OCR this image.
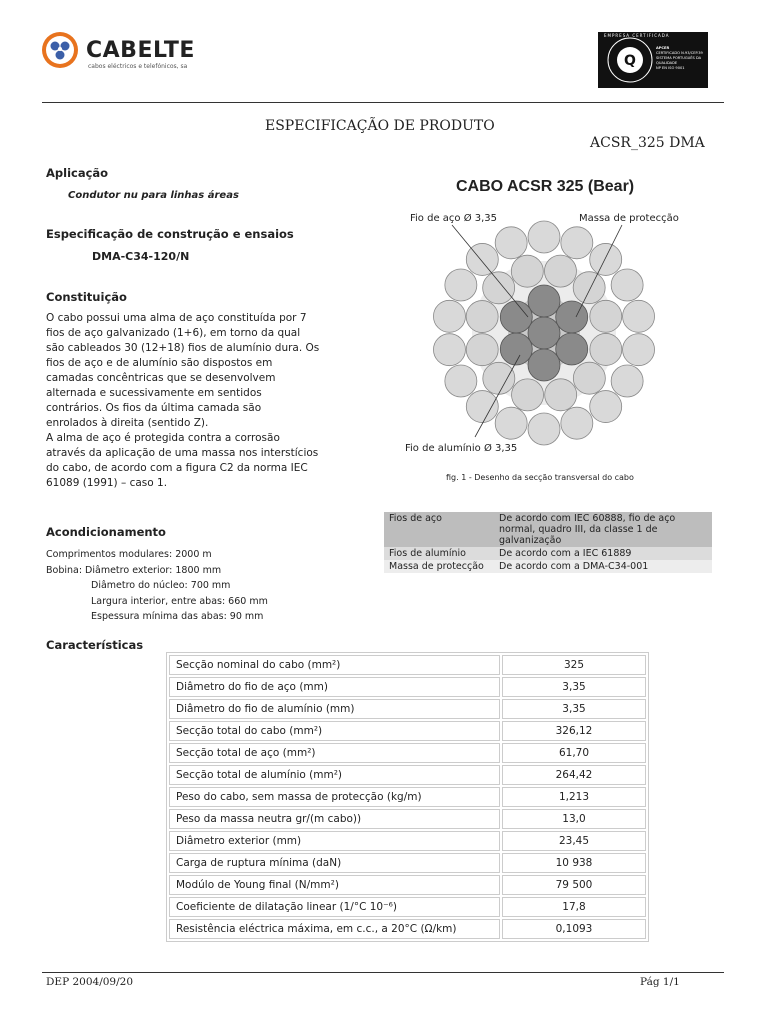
CABELTE
cabos eléctricos e telefónicos, sa	Q
APCER
CERTIFICADO N.93/CEP.39
SISTEMA PORTUGUÊS DA QUALIDADE
NP EN ISO 9001
EMPRESA CERTIFICADA
ESPECIFICAÇÃO DE PRODUTO
ACSR_325 DMA
Aplicação
Condutor nu para linhas áreas
Especificação de construção e ensaios
DMA-C34-120/N
Constituição
O cabo possui uma alma de aço constituída por 7
fios de aço galvanizado (1+6), em torno da qual
são cableados 30 (12+18) fios de alumínio dura. Os
fios de aço e de alumínio são dispostos em
camadas concêntricas que se desenvolvem
alternada e sucessivamente em sentidos
contrários. Os fios da última camada são
enrolados à direita (sentido Z).
A alma de aço é protegida contra a corrosão
através da aplicação de uma massa nos interstícios
do cabo, de acordo com a figura C2 da norma IEC
61089 (1991) – caso 1.
Acondicionamento
Comprimentos modulares: 2000 m
Bobina: Diâmetro exterior: 1800 mm
Diâmetro do núcleo: 700 mm
Largura interior, entre abas: 660 mm
Espessura mínima das abas: 90 mm
CABO ACSR 325 (Bear)
Fio de aço Ø 3,35	Massa de protecção
Fio de alumínio Ø 3,35
fig. 1 - Desenho da secção transversal do cabo
Fios de aço	De acordo com IEC 60888, fio de aço normal, quadro III, da classe 1 de galvanização
Fios de alumínio	De acordo com a IEC 61889
Massa de protecção	De acordo com a DMA-C34-001
Características
Secção nominal do cabo (mm²)	325
Diâmetro do fio de aço (mm)	3,35
Diâmetro do fio de alumínio (mm)	3,35
Secção total do cabo (mm²)	326,12
Secção total de aço (mm²)	61,70
Secção total de alumínio (mm²)	264,42
Peso do cabo, sem massa de protecção (kg/m)	1,213
Peso da massa neutra gr/(m cabo))	13,0
Diâmetro exterior (mm)	23,45
Carga de ruptura mínima (daN)	10 938
Modúlo de Young final (N/mm²)	79 500
Coeficiente de dilatação linear (1/°C 10⁻⁶)	17,8
Resistência eléctrica máxima, em c.c., a 20°C (Ω/km)	0,1093
DEP 2004/09/20	Pág 1/1
